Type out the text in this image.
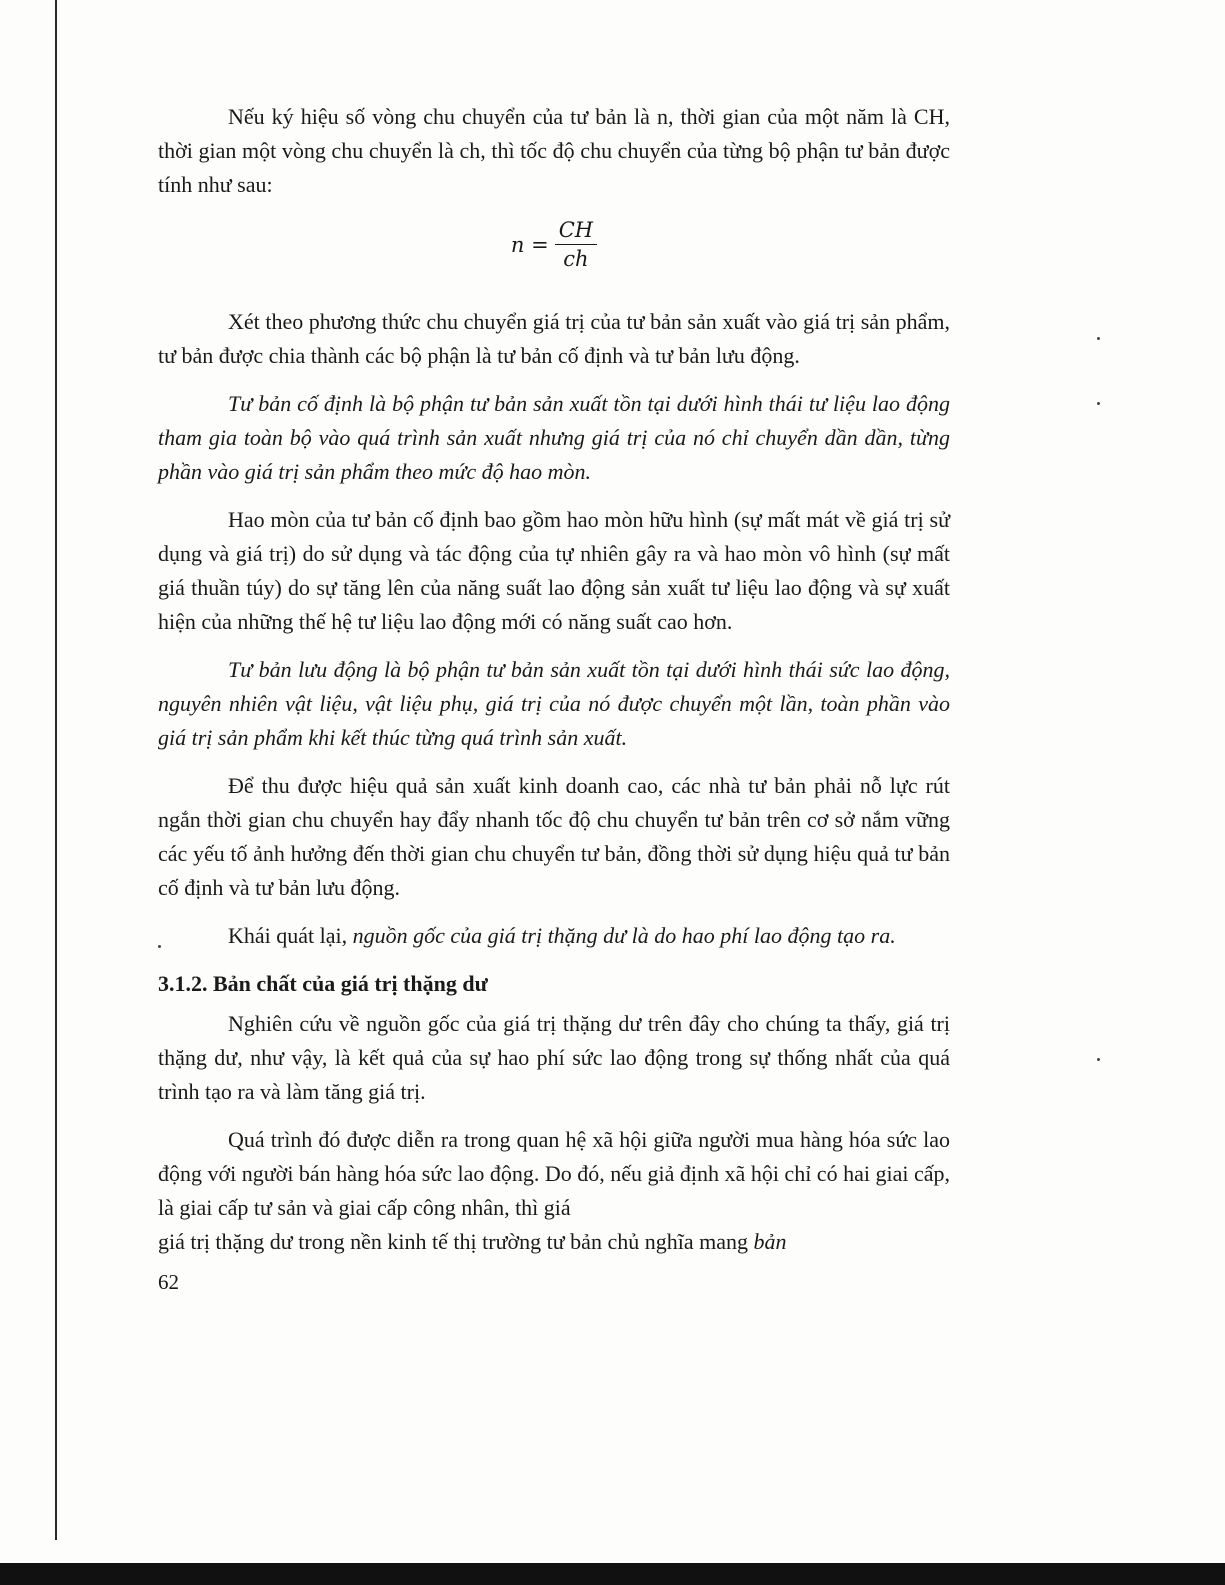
Nếu ký hiệu số vòng chu chuyển của tư bản là n, thời gian của một năm là CH, thời gian một vòng chu chuyển là ch, thì tốc độ chu chuyển của từng bộ phận tư bản được tính như sau:

$n = \frac{CH}{ch}$

Xét theo phương thức chu chuyển giá trị của tư bản sản xuất vào giá trị sản phẩm, tư bản được chia thành các bộ phận là tư bản cố định và tư bản lưu động.

Tư bản cố định là bộ phận tư bản sản xuất tồn tại dưới hình thái tư liệu lao động tham gia toàn bộ vào quá trình sản xuất nhưng giá trị của nó chỉ chuyển dần dần, từng phần vào giá trị sản phẩm theo mức độ hao mòn.

Hao mòn của tư bản cố định bao gồm hao mòn hữu hình (sự mất mát về giá trị sử dụng và giá trị) do sử dụng và tác động của tự nhiên gây ra và hao mòn vô hình (sự mất giá thuần túy) do sự tăng lên của năng suất lao động sản xuất tư liệu lao động và sự xuất hiện của những thế hệ tư liệu lao động mới có năng suất cao hơn.

Tư bản lưu động là bộ phận tư bản sản xuất tồn tại dưới hình thái sức lao động, nguyên nhiên vật liệu, vật liệu phụ, giá trị của nó được chuyển một lần, toàn phần vào giá trị sản phẩm khi kết thúc từng quá trình sản xuất.

Để thu được hiệu quả sản xuất kinh doanh cao, các nhà tư bản phải nỗ lực rút ngắn thời gian chu chuyển hay đẩy nhanh tốc độ chu chuyển tư bản trên cơ sở nắm vững các yếu tố ảnh hưởng đến thời gian chu chuyển tư bản, đồng thời sử dụng hiệu quả tư bản cố định và tư bản lưu động.

Khái quát lại, nguồn gốc của giá trị thặng dư là do hao phí lao động tạo ra.

3.1.2. Bản chất của giá trị thặng dư

Nghiên cứu về nguồn gốc của giá trị thặng dư trên đây cho chúng ta thấy, giá trị thặng dư, như vậy, là kết quả của sự hao phí sức lao động trong sự thống nhất của quá trình tạo ra và làm tăng giá trị.

Quá trình đó được diễn ra trong quan hệ xã hội giữa người mua hàng hóa sức lao động với người bán hàng hóa sức lao động. Do đó, nếu giả định xã hội chỉ có hai giai cấp, là giai cấp tư sản và giai cấp công nhân, thì giá
giá trị thặng dư trong nền kinh tế thị trường tư bản chủ nghĩa mang bản

62
